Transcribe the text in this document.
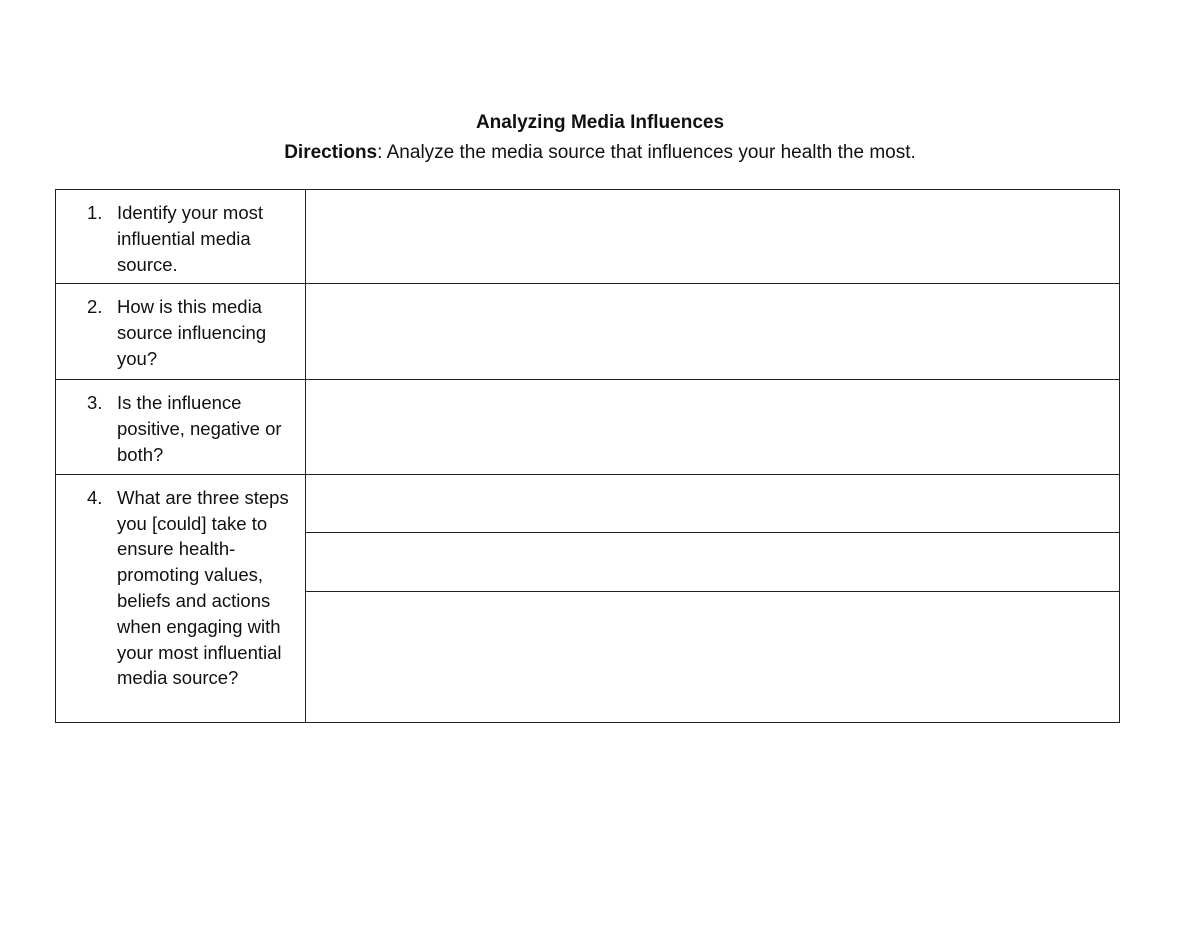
Analyzing Media Influences
Directions: Analyze the media source that influences your health the most.
1. Identify your most influential media source.	

2. How is this media source influencing you?	

3. Is the influence positive, negative or both?	

4. What are three steps you [could] take to ensure health-promoting values, beliefs and actions when engaging with your most influential media source?	
